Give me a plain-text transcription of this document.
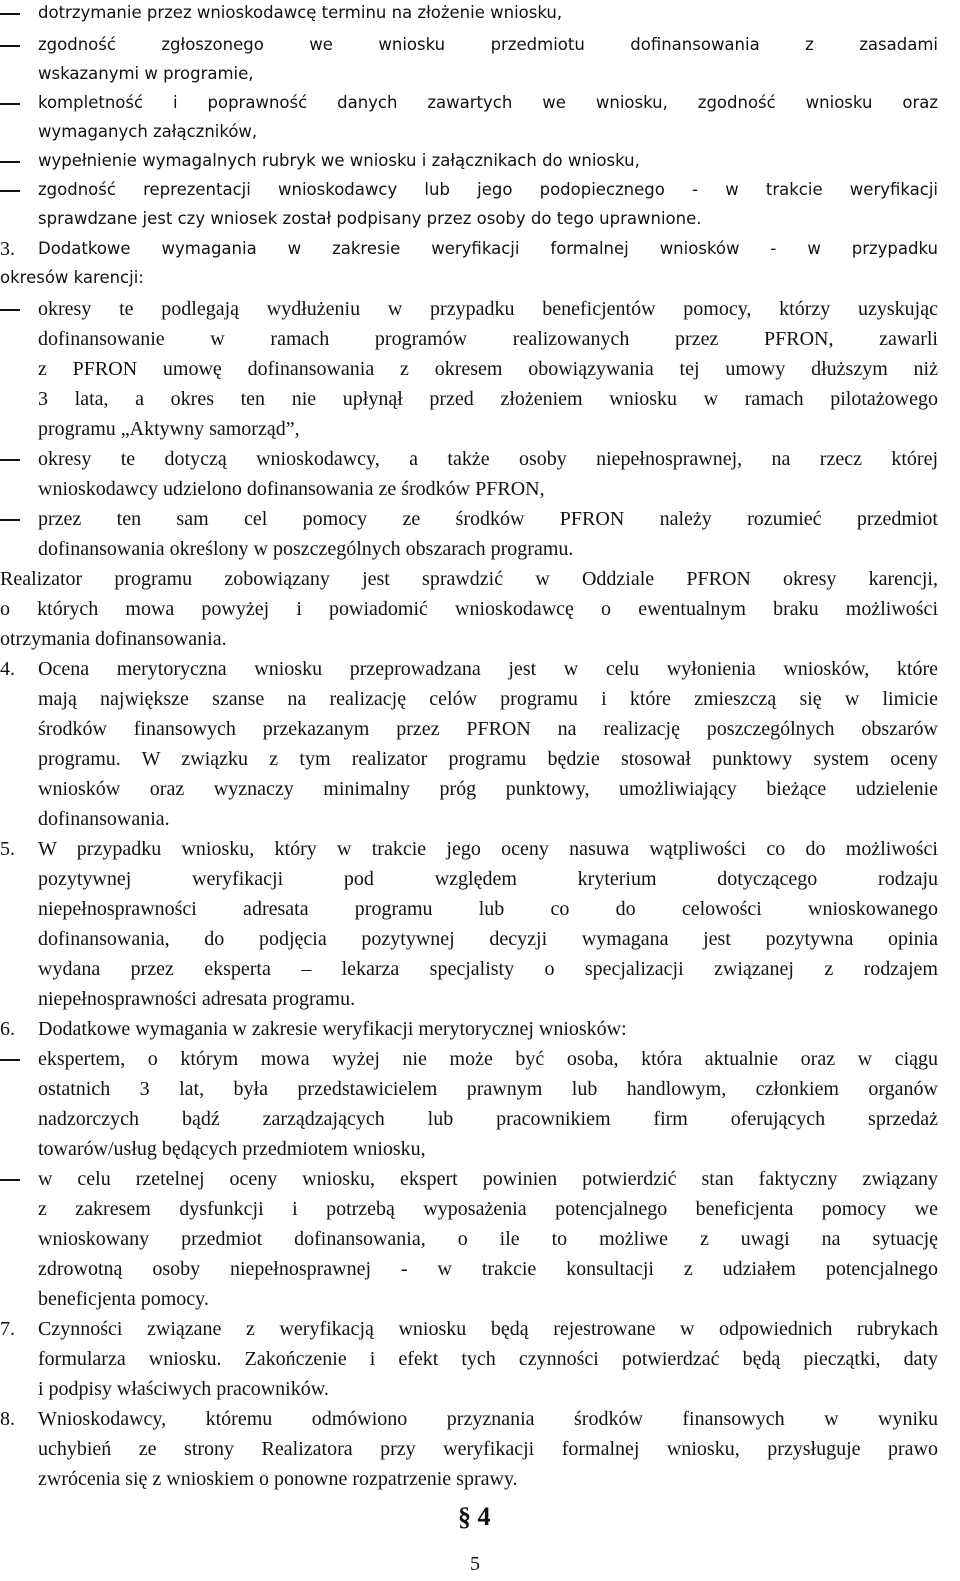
dotrzymanie przez wnioskodawcę terminu na złożenie wniosku,
zgodność zgłoszonego we wniosku przedmiotu dofinansowania z zasadami
wskazanymi w programie,
kompletność i poprawność danych zawartych we wniosku, zgodność wniosku oraz
wymaganych załączników,
wypełnienie wymagalnych rubryk we wniosku i załącznikach do wniosku,
zgodność reprezentacji wnioskodawcy lub jego podopiecznego - w trakcie weryfikacji
sprawdzane jest czy wniosek został podpisany przez osoby do tego uprawnione.
3. Dodatkowe wymagania w zakresie weryfikacji formalnej wniosków - w przypadku
okresów karencji:
okresy te podlegają wydłużeniu w przypadku beneficjentów pomocy, którzy uzyskując
dofinansowanie w ramach programów realizowanych przez PFRON, zawarli
z PFRON umowę dofinansowania z okresem obowiązywania tej umowy dłuższym niż
3 lata, a okres ten nie upłynął przed złożeniem wniosku w ramach pilotażowego
programu „Aktywny samorząd”,
okresy te dotyczą wnioskodawcy, a także osoby niepełnosprawnej, na rzecz której
wnioskodawcy udzielono dofinansowania ze środków PFRON,
przez ten sam cel pomocy ze środków PFRON należy rozumieć przedmiot
dofinansowania określony w poszczególnych obszarach programu.
Realizator programu zobowiązany jest sprawdzić w Oddziale PFRON okresy karencji,
o których mowa powyżej i powiadomić wnioskodawcę o ewentualnym braku możliwości
otrzymania dofinansowania.
4. Ocena merytoryczna wniosku przeprowadzana jest w celu wyłonienia wniosków, które
mają największe szanse na realizację celów programu i które zmieszczą się w limicie
środków finansowych przekazanym przez PFRON na realizację poszczególnych obszarów
programu. W związku z tym realizator programu będzie stosował punktowy system oceny
wniosków oraz wyznaczy minimalny próg punktowy, umożliwiający bieżące udzielenie
dofinansowania.
5. W przypadku wniosku, który w trakcie jego oceny nasuwa wątpliwości co do możliwości
pozytywnej weryfikacji pod względem kryterium dotyczącego rodzaju
niepełnosprawności adresata programu lub co do celowości wnioskowanego
dofinansowania, do podjęcia pozytywnej decyzji wymagana jest pozytywna opinia
wydana przez eksperta – lekarza specjalisty o specjalizacji związanej z rodzajem
niepełnosprawności adresata programu.
6. Dodatkowe wymagania w zakresie weryfikacji merytorycznej wniosków:
ekspertem, o którym mowa wyżej nie może być osoba, która aktualnie oraz w ciągu
ostatnich 3 lat, była przedstawicielem prawnym lub handlowym, członkiem organów
nadzorczych bądź zarządzających lub pracownikiem firm oferujących sprzedaż
towarów/usług będących przedmiotem wniosku,
w celu rzetelnej oceny wniosku, ekspert powinien potwierdzić stan faktyczny związany
z zakresem dysfunkcji i potrzebą wyposażenia potencjalnego beneficjenta pomocy we
wnioskowany przedmiot dofinansowania, o ile to możliwe z uwagi na sytuację
zdrowotną osoby niepełnosprawnej - w trakcie konsultacji z udziałem potencjalnego
beneficjenta pomocy.
7. Czynności związane z weryfikacją wniosku będą rejestrowane w odpowiednich rubrykach
formularza wniosku. Zakończenie i efekt tych czynności potwierdzać będą pieczątki, daty
i podpisy właściwych pracowników.
8. Wnioskodawcy, któremu odmówiono przyznania środków finansowych w wyniku
uchybień ze strony Realizatora przy weryfikacji formalnej wniosku, przysługuje prawo
zwrócenia się z wnioskiem o ponowne rozpatrzenie sprawy.
§ 4
5
